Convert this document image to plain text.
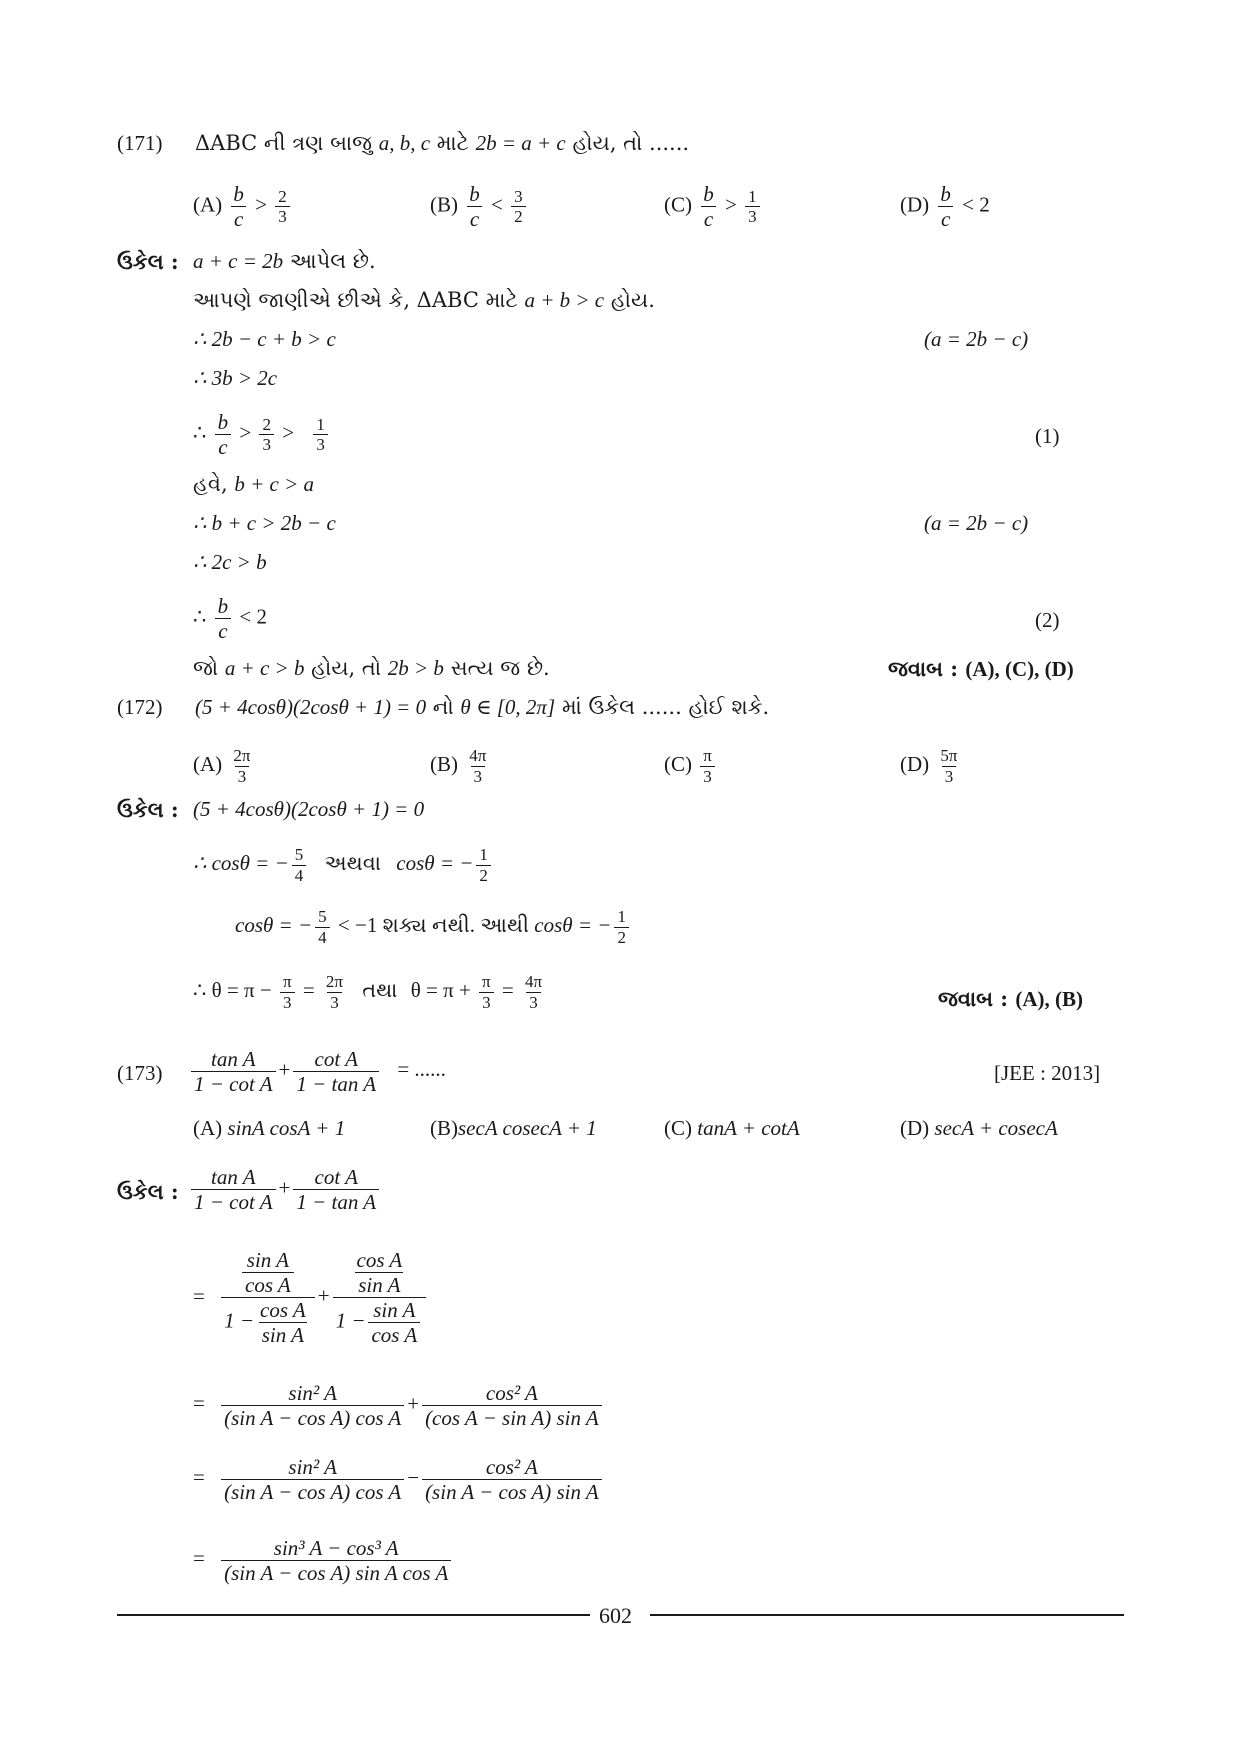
(171) ΔABC ની ત્રણ બાજુ a, b, c માટે 2b = a + c હોય, તો ......
$(A) \frac{b}{c} > \frac{2}{3}$	$(B) \frac{b}{c} < \frac{3}{2}$	$(C) \frac{b}{c} > \frac{1}{3}$	$(D) \frac{b}{c} < 2$
ઉકેલ : a + c = 2b આપેલ છે.
આપણે જાણીએ છીએ કે, ΔABC માટે a + b > c હોય.
∴ 2b − c + b > c	(a = 2b − c)
∴ 3b > 2c
∴ $\frac{b}{c} > \frac{2}{3} > \frac{1}{3}$	(1)
હવે, b + c > a
∴ b + c > 2b − c	(a = 2b − c)
∴ 2c > b
∴ $\frac{b}{c} < 2$	(2)
જો a + c > b હોય, તો 2b > b સત્ય જ છે.	જવાબ : (A), (C), (D)
(172) (5 + 4cosθ)(2cosθ + 1) = 0 નો θ ∈ [0, 2π] માં ઉકેલ ...... હોઈ શકે.
$(A) \frac{2\pi}{3}$	$(B) \frac{4\pi}{3}$	$(C) \frac{\pi}{3}$	$(D) \frac{5\pi}{3}$
ઉકેલ : (5 + 4cosθ)(2cosθ + 1) = 0
∴ cosθ = − $\frac{5}{4}$ અથવા cosθ = − $\frac{1}{2}$
cosθ = − $\frac{5}{4} < -1$ શક્ય નથી. આથી cosθ = − $\frac{1}{2}$
∴ $\theta = \pi - \frac{\pi}{3} = \frac{2\pi}{3}$ તથા $\theta = \pi + \frac{\pi}{3} = \frac{4\pi}{3}$	જવાબ : (A), (B)
$(173) \frac{\text{tan A}}{\text{1 − cot A}} + \frac{\text{cot A}}{\text{1 − tan A}}$ = ......	[JEE : 2013]
(A) sinA cosA + 1	(B)secA cosecA + 1	(C) tanA + cotA	(D) secA + cosecA
ઉકેલ : $\frac{\text{tan A}}{\text{1 − cot A}} + \frac{\text{cot A}}{\text{1 − tan A}}$
= $\frac{\frac{\text{sin A}}{\text{cos A}}}{1 - \frac{\text{cos A}}{\text{sin A}}} + \frac{\frac{\text{cos A}}{\text{sin A}}}{1 - \frac{\text{sin A}}{\text{cos A}}}$
= $\frac{\text{sin² A}}{\text{(sin A − cos A) cos A}} + \frac{\text{cos² A}}{\text{(cos A − sin A) sin A}}$
= $\frac{\text{sin² A}}{\text{(sin A − cos A) cos A}} - \frac{\text{cos² A}}{\text{(sin A − cos A) sin A}}$
= $\frac{\text{sin³ A − cos³ A}}{\text{(sin A − cos A) sin A cos A}}$
602
